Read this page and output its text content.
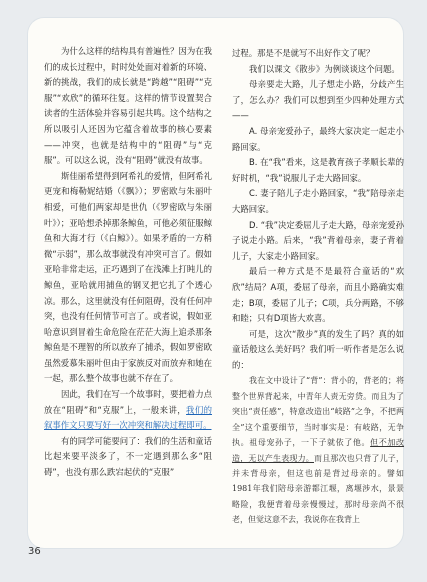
为什么这样的结构具有普遍性？因为在我们的成长过程中，时时处处面对着新的环境、新的挑战，我们的成长就是“跨越”“阻碍”“克服”“欢欣”的循环往复。这样的情节设置契合读者的生活体验并容易引起共鸣。这个结构之所以吸引人还因为它蕴含着故事的核心要素——冲突，也就是结构中的“阻碍”与“克服”。可以这么说，没有“阻碍”就没有故事。

斯佳丽希望得到阿希礼的爱情，但阿希礼更宠和梅勒妮结婚（《飘》）；罗密欧与朱丽叶相爱，可他们两家却是世仇（《罗密欧与朱丽叶》）；亚哈想杀掉那条鲸鱼，可他必须征服鲸鱼和大海才行（《白鲸》）。如果矛盾的一方稍微“示弱”，那么故事就没有冲突可言了。假如亚哈非常走运，正巧遇到了在浅滩上打盹儿的鲸鱼，亚哈就用捕鱼的钢叉把它扎了个透心凉。那么，这里就没有任何阻碍，没有任何冲突，也没有任何情节可言了。或者说，假如亚哈意识到冒着生命危险在茫茫大海上追杀那条鲸鱼是不理智的所以放弃了捕杀，假如罗密欧虽然爱慕朱丽叶但由于家族反对而放弃和她在一起，那么整个故事也就不存在了。

因此，我们在写一个故事时，要把着力点放在“阻碍”和“克服”上，一般来讲，我们的叙事作文只要写好一次冲突和解决过程即可。

有的同学可能要问了：我们的生活和童话比起来要平淡多了，不一定遇到那么多“阻碍”，也没有那么跌宕起伏的“克服”

过程。那是不是就写不出好作文了呢？

我们以课文《散步》为例谈谈这个问题。

母亲要走大路，儿子想走小路，分歧产生了，怎么办？我们可以想到至少四种处理方式——

A. 母亲宠爱孙子，最终大家决定一起走小路回家。

B. 在“我”看来，这是教育孩子孝顺长辈的好时机，“我”说服儿子走大路回家。

C. 妻子陪儿子走小路回家，“我”陪母亲走大路回家。

D. “我”决定委屈儿子走大路，母亲宠爱孙子说走小路。后来，“我”背着母亲，妻子背着儿子，大家走小路回家。

最后一种方式是不是最符合童话的“欢欣”结局？A项，委屈了母亲，而且小路确实难走；B项，委屈了儿子；C项，兵分两路，不够和睦；只有D项皆大欢喜。

可是，这次“散步”真的发生了吗？真的如童话般这么美好吗？我们听一听作者是怎么说的：

我在文中设计了“背”：背小的，背老的；将整个世界背起来，中青年人责无旁贷。而且为了突出“责任感”，特意改造出“岐路”之争，不把两全”这个重要细节，当时事实是：有岐路，无争执。祖母宠孙子，一下子就依了他。但不加改造，无以产生表现力。而且那次也只背了儿子，并未背母亲，但这也前是背过母亲的。譬如1981年我们陪母亲游都江堰，离堰涉水，景景略险，我便背着母亲慢慢过，那时母亲尚不很老，但觉这意不去，我说你在我背上

36
